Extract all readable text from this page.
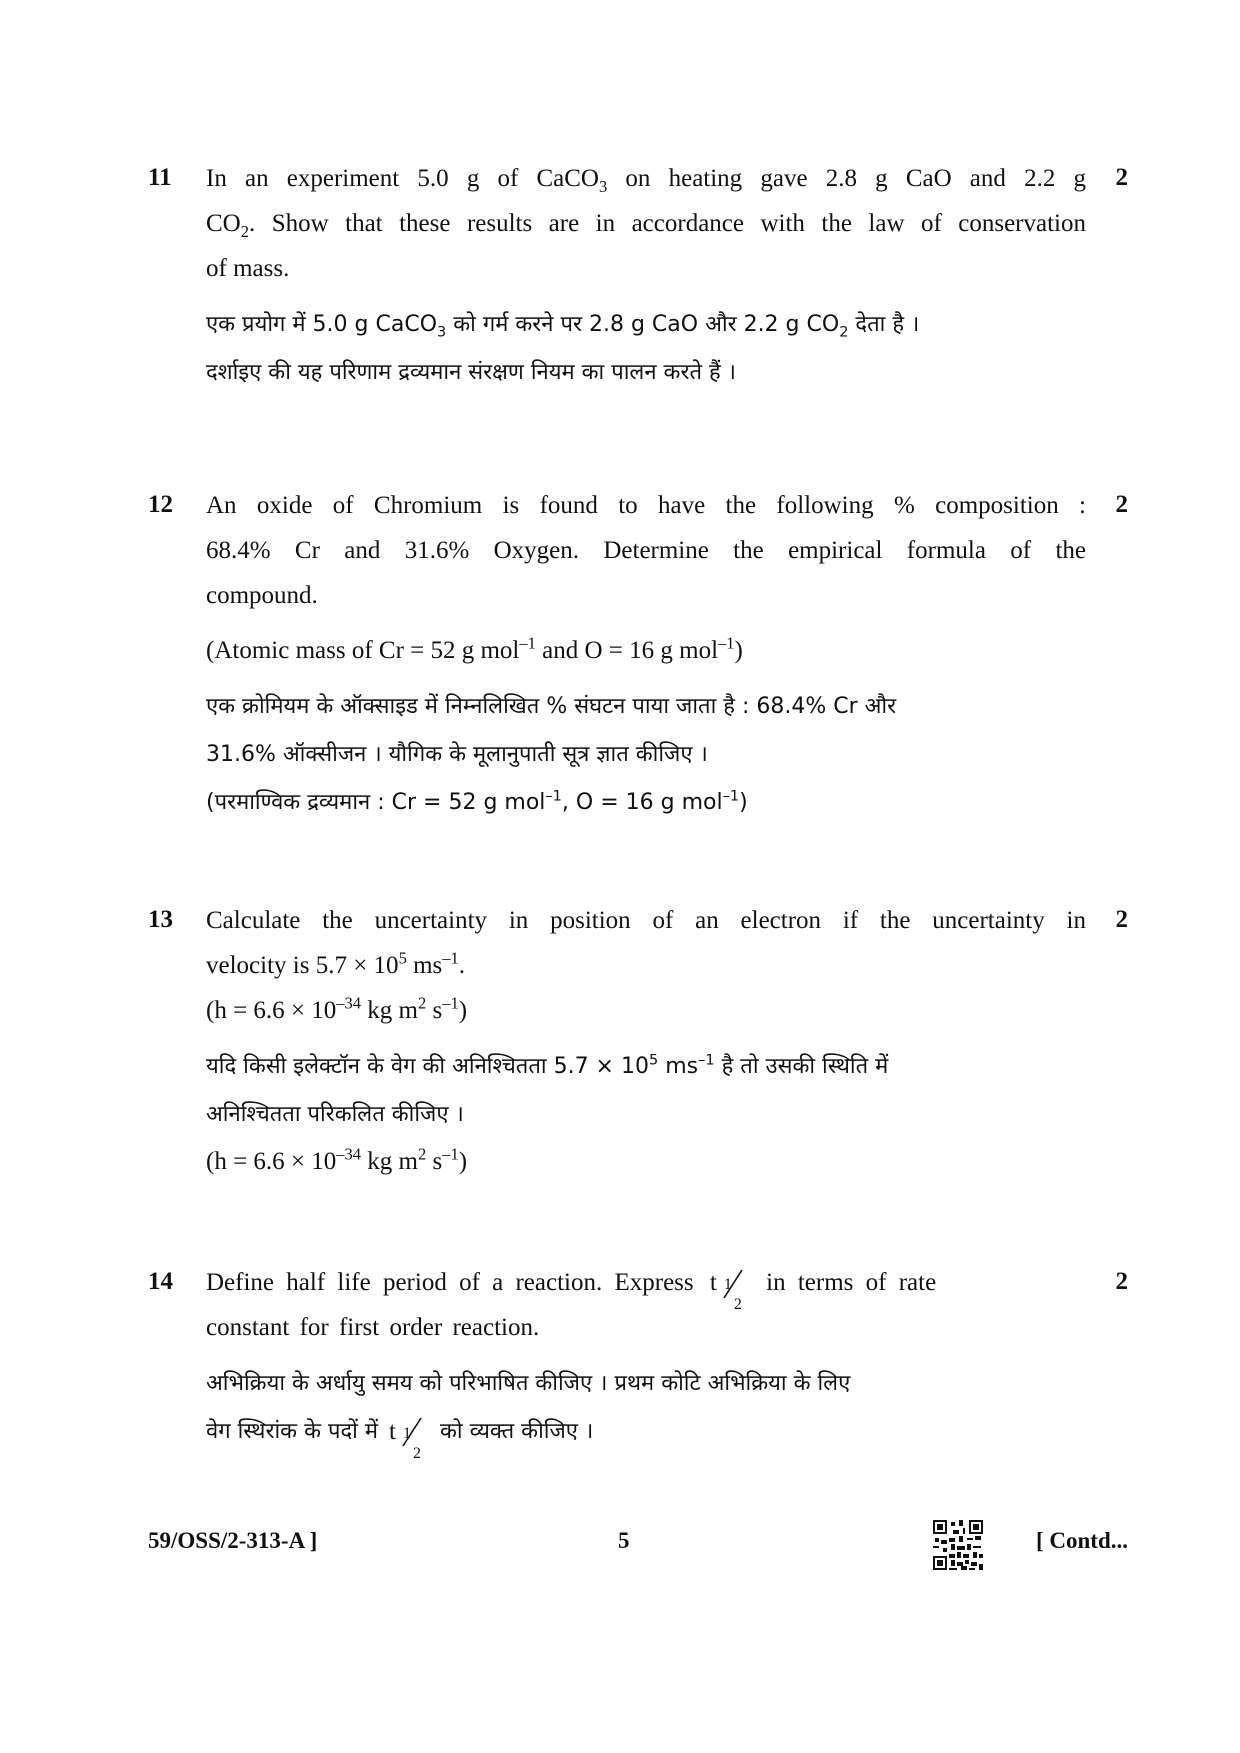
11	2
In an experiment 5.0 g of CaCO$_3$ on heating gave 2.8 g CaO and 2.2 g
$CO_2$. Show that these results are in accordance with the law of conservation
of mass.
एक प्रयोग में 5.0 g CaCO$_3$ को गर्म करने पर 2.8 g CaO और 2.2 g $CO_2$ देता है ।
दर्शाइए की यह परिणाम द्रव्यमान संरक्षण नियम का पालन करते हैं ।
12	2
An oxide of Chromium is found to have the following % composition :
68.4% Cr and 31.6% Oxygen. Determine the empirical formula of the
compound.
(Atomic mass of Cr = 52 g mol$^{-1}$ and O = 16 g mol$^{-1}$)
एक क्रोमियम के ऑक्साइड में निम्नलिखित % संघटन पाया जाता है : 68.4% Cr और
31.6% ऑक्सीजन । यौगिक के मूलानुपाती सूत्र ज्ञात कीजिए ।
(परमाण्विक द्रव्यमान : Cr = 52 g mol$^{-1}$, O = 16 g mol$^{-1}$)
13	2
Calculate the uncertainty in position of an electron if the uncertainty in
velocity is $5.7 \times 10^5$ $ms^{-1}$.
($h = 6.6 \times 10^{-34}$ kg $m^2$ $s^{-1}$)
यदि किसी इलेक्टॉन के वेग की अनिश्चितता $5.7 \times 10^5$ $ms^{-1}$ है तो उसकी स्थिति में
अनिश्चितता परिकलित कीजिए ।
($h = 6.6 \times 10^{-34}$ kg $m^2$ $s^{-1}$)
14	2
Define half life period of a reaction. Express t 1
2
in terms of rate
constant for first order reaction.
अभिक्रिया के अर्धायु समय को परिभाषित कीजिए । प्रथम कोटि अभिक्रिया के लिए
वेग स्थिरांक के पदों में t 1
2
को व्यक्त कीजिए ।
59/OSS/2-313-A ]	5	[ Contd...
